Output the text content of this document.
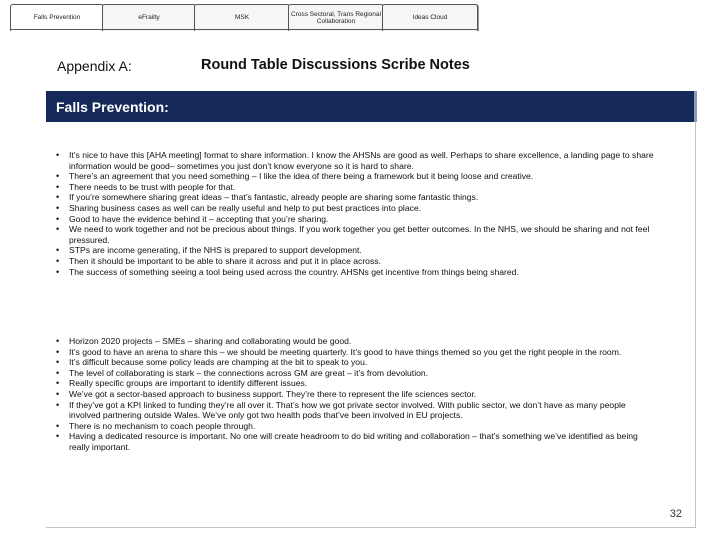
Falls Prevention	eFrailty	MSK
Cross Sectoral, Trans Regional Collaboration
Ideas Cloud
Appendix A:	Round Table Discussions Scribe Notes
Falls Prevention:
• It’s nice to have this [AHA meeting] format to share information. I know the AHSNs are good as well. Perhaps to share excellence, a landing page to share information would be good– sometimes you just don’t know everyone so it is hard to share.
• There’s an agreement that you need something – I like the idea of there being a framework but it being loose and creative.
• There needs to be trust with people for that.
• If you’re somewhere sharing great ideas – that’s fantastic, already people are sharing some fantastic things.
• Sharing business cases as well can be really useful and help to put best practices into place.
• Good to have the evidence behind it – accepting that you’re sharing.
• We need to work together and not be precious about things. If you work together you get better outcomes. In the NHS, we should be sharing and not feel pressured.
• STPs are income generating, if the NHS is prepared to support development.
• Then it should be important to be able to share it across and put it in place across.
• The success of something seeing a tool being used across the country. AHSNs get incentive from things being shared.
• Horizon 2020 projects – SMEs – sharing and collaborating would be good.
• It’s good to have an arena to share this – we should be meeting quarterly. It’s good to have things themed so you get the right people in the room.
• It’s difficult because some policy leads are champing at the bit to speak to you.
• The level of collaborating is stark – the connections across GM are great – it’s from devolution.
• Really specific groups are important to identify different issues.
• We’ve got a sector-based approach to business support. They’re there to represent the life sciences sector.
• If they’ve got a KPI linked to funding they’re all over it. That’s how we got private sector involved. With public sector, we don’t have as many people involved partnering outside Wales. We’ve only got two health pods that’ve been involved in EU projects.
• There is no mechanism to coach people through.
• Having a dedicated resource is important. No one will create headroom to do bid writing and collaboration – that’s something we’ve identified as being really important.
32
